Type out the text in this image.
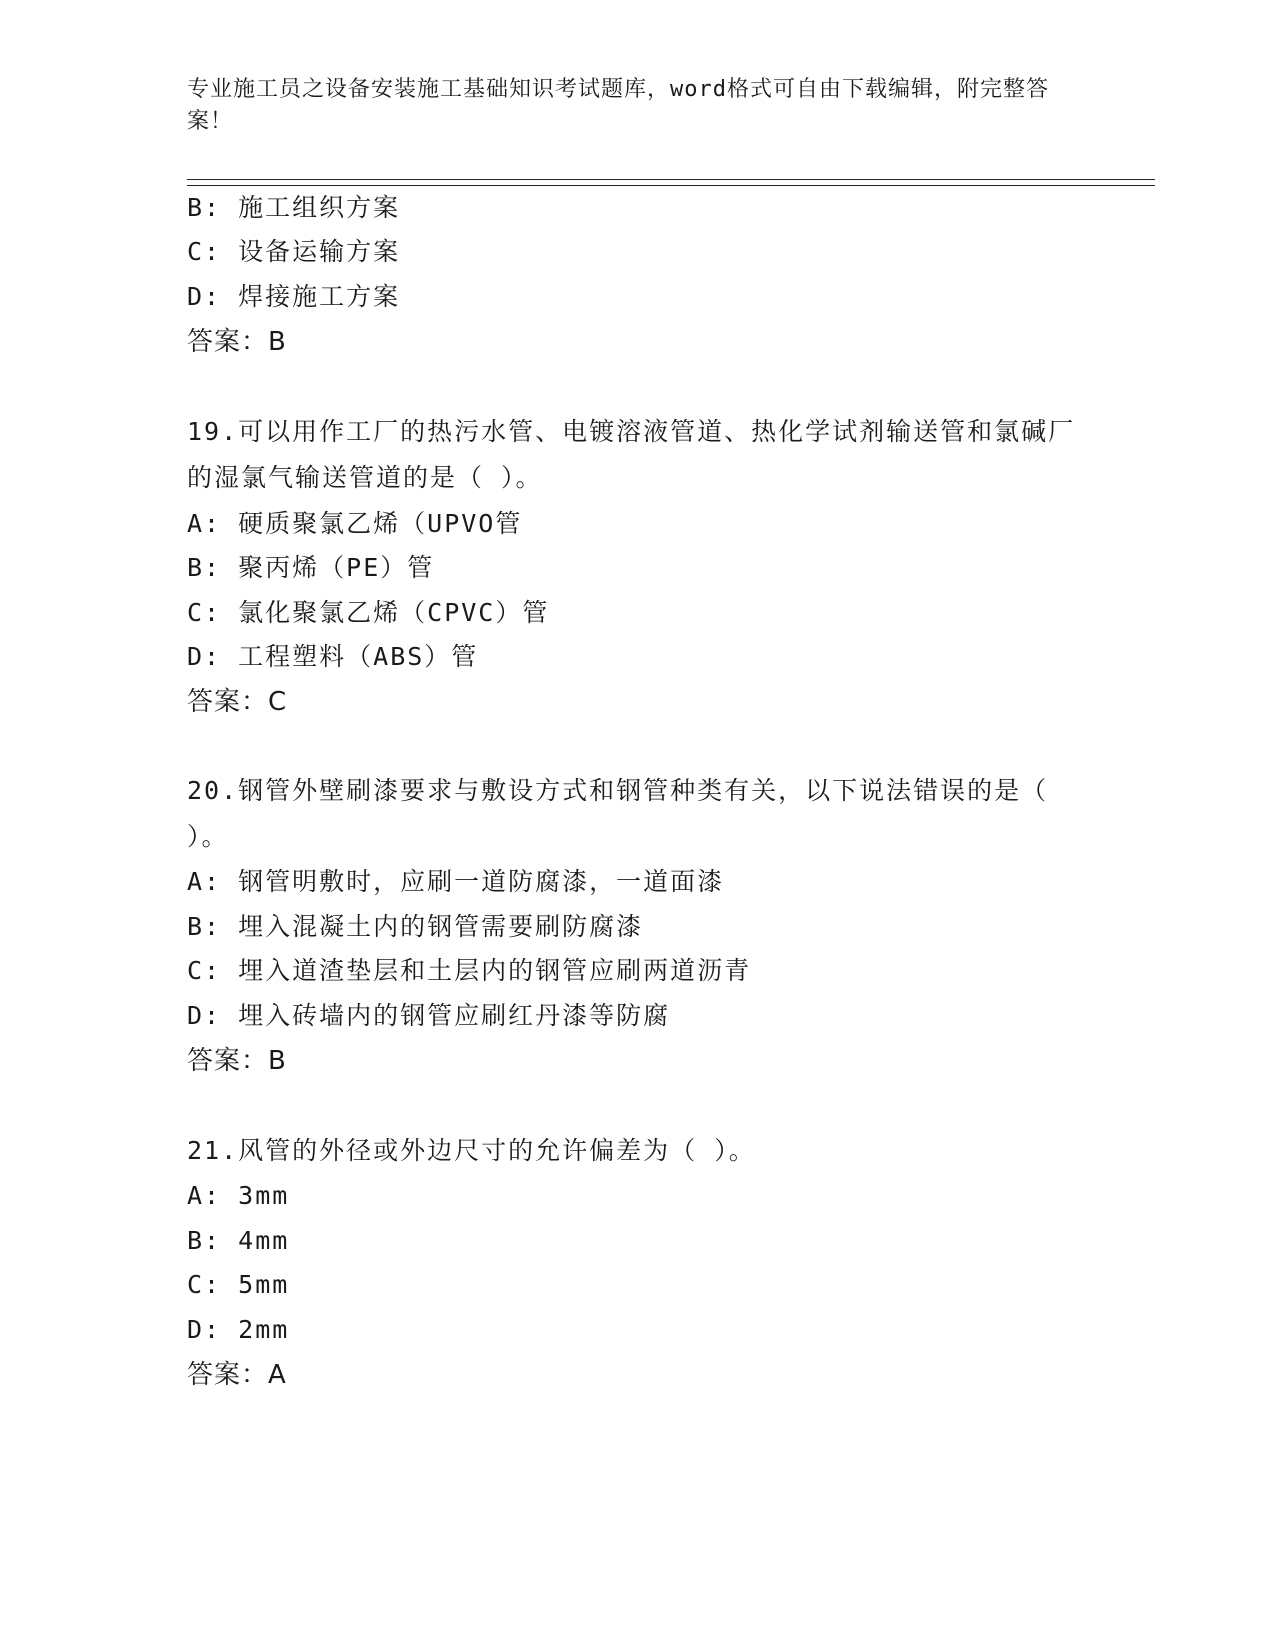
专业施工员之设备安装施工基础知识考试题库，word格式可自由下载编辑，附完整答案！
B: 施工组织方案
C: 设备运输方案
D: 焊接施工方案
答案：B
19.可以用作工厂的热污水管、电镀溶液管道、热化学试剂输送管和氯碱厂的湿氯气输送管道的是（ ）。
A: 硬质聚氯乙烯（UPVO管
B: 聚丙烯（PE）管
C: 氯化聚氯乙烯（CPVC）管
D: 工程塑料（ABS）管
答案：C
20.钢管外壁刷漆要求与敷设方式和钢管种类有关，以下说法错误的是（ ）。
A: 钢管明敷时，应刷一道防腐漆，一道面漆
B: 埋入混凝土内的钢管需要刷防腐漆
C: 埋入道渣垫层和土层内的钢管应刷两道沥青
D: 埋入砖墙内的钢管应刷红丹漆等防腐
答案：B
21.风管的外径或外边尺寸的允许偏差为（ ）。
A: 3mm
B: 4mm
C: 5mm
D: 2mm
答案：A
